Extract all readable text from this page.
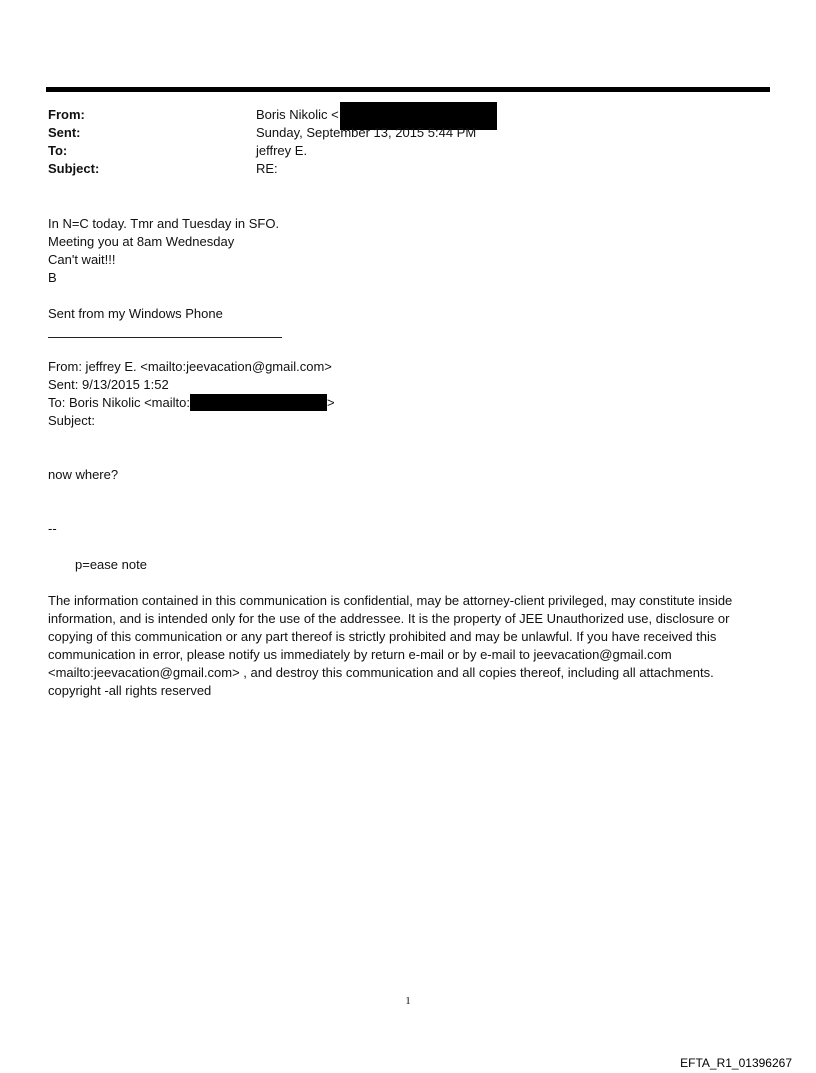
From:	Boris Nikolic <
Sent:	Sunday, September 13, 2015 5:44 PM
To:	jeffrey E.
Subject:	RE:
In N=C today. Tmr and Tuesday in SFO.
Meeting you at 8am Wednesday
Can't wait!!!
B
Sent from my Windows Phone
From: jeffrey E. <mailto:jeevacation@gmail.com>
Sent: 9/13/2015 1:52
To: Boris Nikolic <mailto:	>
Subject:
now where?
--
p=ease note
The information contained in this communication is confidential, may be attorney-client privileged, may constitute inside information, and is intended only for the use of the addressee. It is the property of JEE Unauthorized use, disclosure or copying of this communication or any part thereof is strictly prohibited and may be unlawful. If you have received this communication in error, please notify us immediately by return e-mail or by e-mail to jeevacation@gmail.com <mailto:jeevacation@gmail.com> , and destroy this communication and all copies thereof, including all attachments. copyright -all rights reserved
1
EFTA_R1_01396267
